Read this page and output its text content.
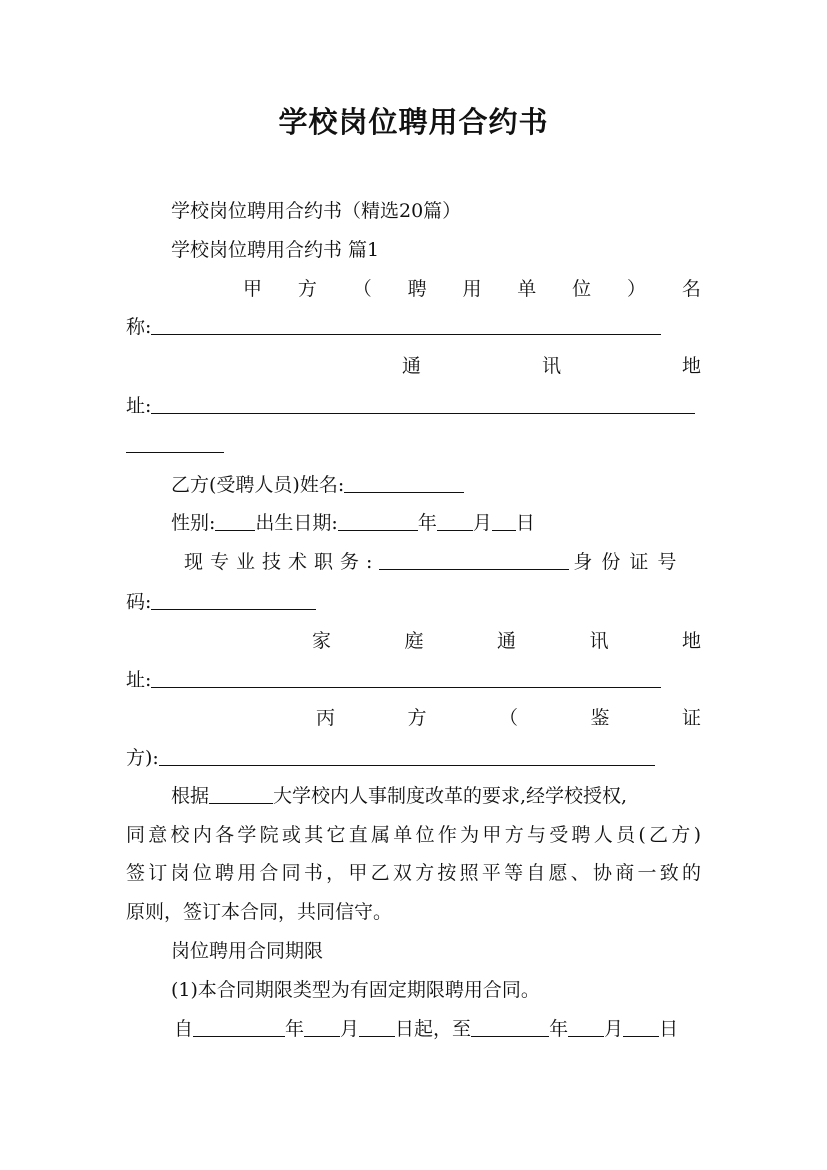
学校岗位聘用合约书
学校岗位聘用合约书（精选20篇）
学校岗位聘用合约书 篇1
甲 方 （ 聘 用 单 位 ） 名
称:
通	讯	地
址:
乙方(受聘人员)姓名:
性别: 出生日期:	年 月 日
现专业技术职务:	身份证号
码:
家	庭	通	讯	地
址:
丙	方	（	鉴	证
方):
根据	大学校内人事制度改革的要求,经学校授权,
同意校内各学院或其它直属单位作为甲方与受聘人员(乙方)
签订岗位聘用合同书，甲乙双方按照平等自愿、协商一致的
原则，签订本合同，共同信守。
岗位聘用合同期限
(1)本合同期限类型为有固定期限聘用合同。
自	年 月 日起，至	年 月 日
